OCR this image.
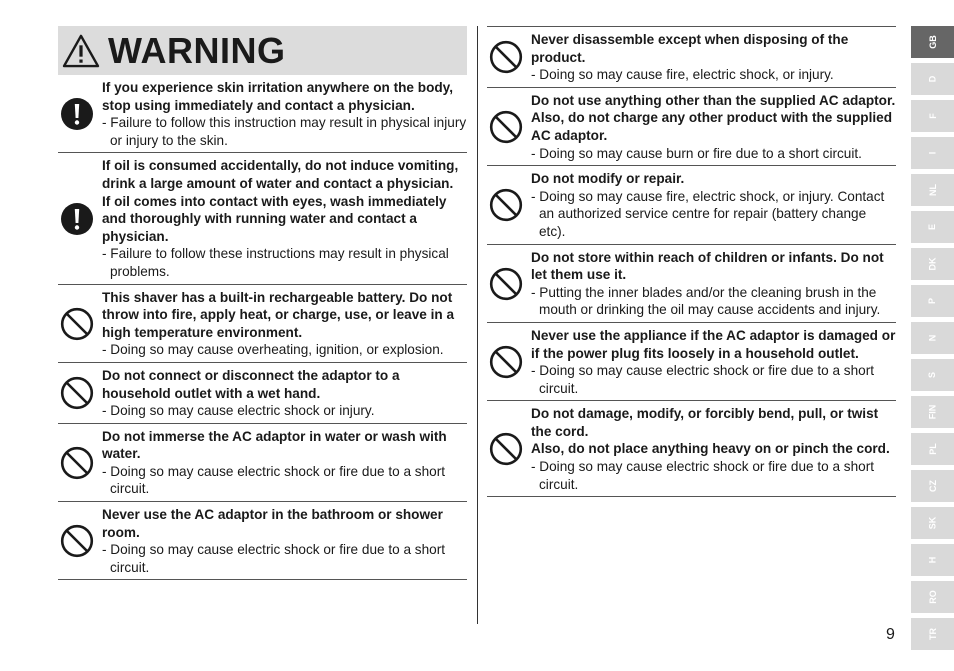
WARNING
If you experience skin irritation anywhere on the body, stop using immediately and contact a physician.
- Failure to follow this instruction may result in physical injury or injury to the skin.
If oil is consumed accidentally, do not induce vomiting, drink a large amount of water and contact a physician.
If oil comes into contact with eyes, wash immediately and thoroughly with running water and contact a physician.
- Failure to follow these instructions may result in physical problems.
This shaver has a built-in rechargeable battery. Do not throw into fire, apply heat, or charge, use, or leave in a high temperature environment.
- Doing so may cause overheating, ignition, or explosion.
Do not connect or disconnect the adaptor to a household outlet with a wet hand.
- Doing so may cause electric shock or injury.
Do not immerse the AC adaptor in water or wash with water.
- Doing so may cause electric shock or fire due to a short circuit.
Never use the AC adaptor in the bathroom or shower room.
- Doing so may cause electric shock or fire due to a short circuit.
Never disassemble except when disposing of the product.
- Doing so may cause fire, electric shock, or injury.
Do not use anything other than the supplied AC adaptor. Also, do not charge any other product with the supplied AC adaptor.
- Doing so may cause burn or fire due to a short circuit.
Do not modify or repair.
- Doing so may cause fire, electric shock, or injury. Contact an authorized service centre for repair (battery change etc).
Do not store within reach of children or infants. Do not let them use it.
- Putting the inner blades and/or the cleaning brush in the mouth or drinking the oil may cause accidents and injury.
Never use the appliance if the AC adaptor is damaged or if the power plug fits loosely in a household outlet.
- Doing so may cause electric shock or fire due to a short circuit.
Do not damage, modify, or forcibly bend, pull, or twist the cord.
Also, do not place anything heavy on or pinch the cord.
- Doing so may cause electric shock or fire due to a short circuit.
GB
D
F
I
NL
E
DK
P
N
S
FIN
PL
CZ
SK
H
RO
TR
9
